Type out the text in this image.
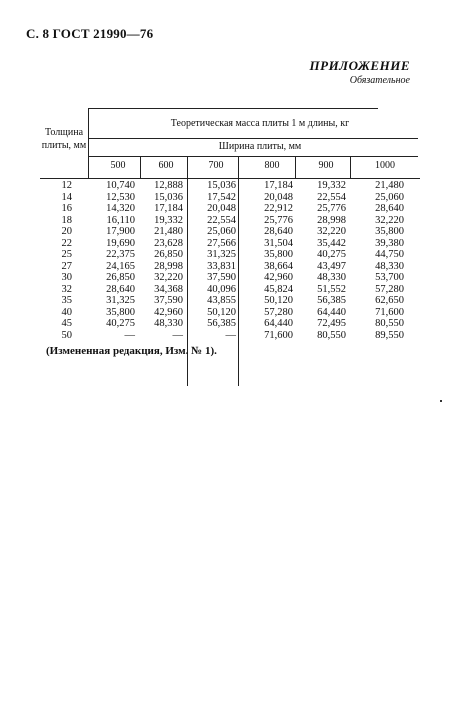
С. 8 ГОСТ 21990—76
ПРИЛОЖЕНИЕ
Обязательное
Толщина плиты, мм
Теоретическая масса плиты 1 м длины, кг
Ширина плиты, мм
500	600	700	800	900	1000
12	10,740	12,888	15,036	17,184	19,332	21,480
14	12,530	15,036	17,542	20,048	22,554	25,060
16	14,320	17,184	20,048	22,912	25,776	28,640
18	16,110	19,332	22,554	25,776	28,998	32,220
20	17,900	21,480	25,060	28,640	32,220	35,800
22	19,690	23,628	27,566	31,504	35,442	39,380
25	22,375	26,850	31,325	35,800	40,275	44,750
27	24,165	28,998	33,831	38,664	43,497	48,330
30	26,850	32,220	37,590	42,960	48,330	53,700
32	28,640	34,368	40,096	45,824	51,552	57,280
35	31,325	37,590	43,855	50,120	56,385	62,650
40	35,800	42,960	50,120	57,280	64,440	71,600
45	40,275	48,330	56,385	64,440	72,495	80,550
50	—	—	—	71,600	80,550	89,550
(Измененная редакция, Изм. № 1).
